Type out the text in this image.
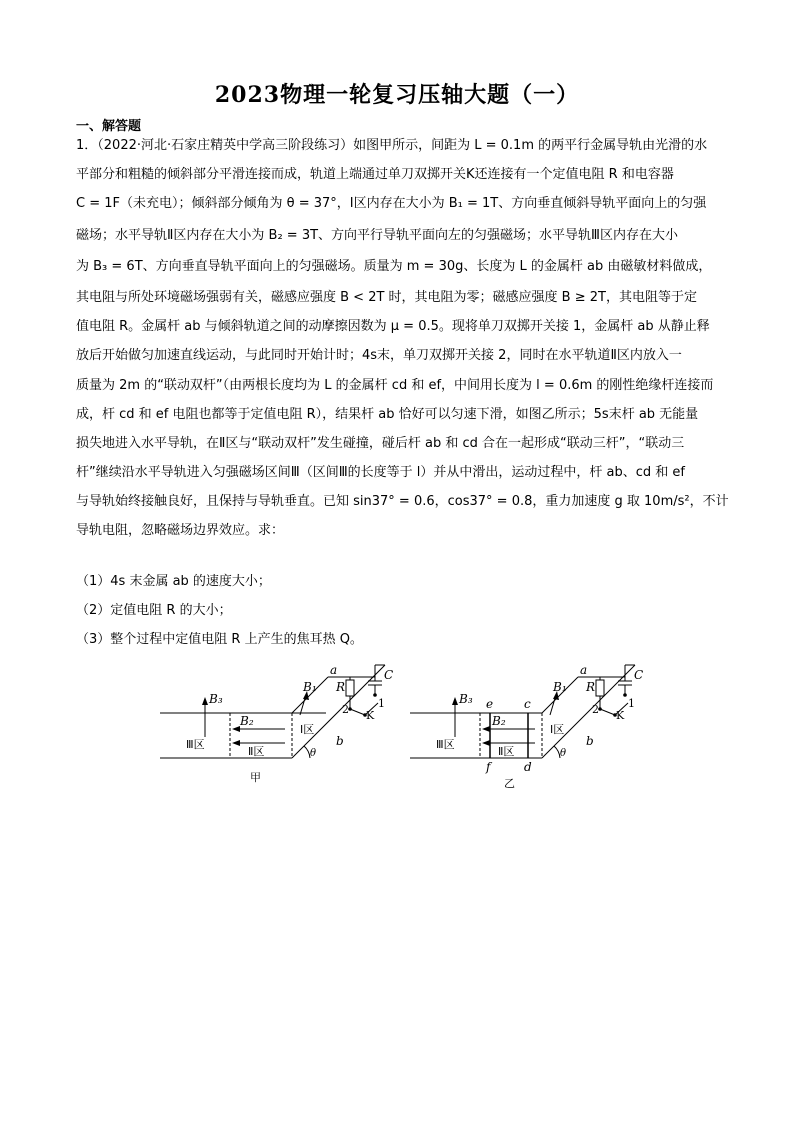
2023物理一轮复习压轴大题（一）
一、解答题
1．（2022·河北·石家庄精英中学高三阶段练习）如图甲所示，间距为 L = 0.1m 的两平行金属导轨由光滑的水
平部分和粗糙的倾斜部分平滑连接而成，轨道上端通过单刀双掷开关K还连接有一个定值电阻 R 和电容器
C = 1F（未充电）；倾斜部分倾角为 θ = 37°，Ⅰ区内存在大小为 B₁ = 1T、方向垂直倾斜导轨平面向上的匀强
磁场；水平导轨Ⅱ区内存在大小为 B₂ = 3T、方向平行导轨平面向左的匀强磁场；水平导轨Ⅲ区内存在大小
为 B₃ = 6T、方向垂直导轨平面向上的匀强磁场。质量为 m = 30g、长度为 L 的金属杆 ab 由磁敏材料做成，
其电阻与所处环境磁场强弱有关，磁感应强度 B < 2T 时，其电阻为零；磁感应强度 B ≥ 2T，其电阻等于定
值电阻 R。金属杆 ab 与倾斜轨道之间的动摩擦因数为 μ = 0.5。现将单刀双掷开关接 1，金属杆 ab 从静止释
放后开始做匀加速直线运动，与此同时开始计时；4s末，单刀双掷开关接 2，同时在水平轨道Ⅱ区内放入一
质量为 2m 的“联动双杆”（由两根长度均为 L 的金属杆 cd 和 ef，中间用长度为 l = 0.6m 的刚性绝缘杆连接而
成，杆 cd 和 ef 电阻也都等于定值电阻 R），结果杆 ab 恰好可以匀速下滑，如图乙所示；5s末杆 ab 无能量
损失地进入水平导轨，在Ⅱ区与“联动双杆”发生碰撞，碰后杆 ab 和 cd 合在一起形成“联动三杆”，“联动三
杆”继续沿水平导轨进入匀强磁场区间Ⅲ（区间Ⅲ的长度等于 l）并从中滑出，运动过程中，杆 ab、cd 和 ef
与导轨始终接触良好，且保持与导轨垂直。已知 sin37° = 0.6，cos37° = 0.8，重力加速度 g 取 10m/s²，不计
导轨电阻，忽略磁场边界效应。求：
（1）4s 末金属 ab 的速度大小；
（2）定值电阻 R 的大小；
（3）整个过程中定值电阻 R 上产生的焦耳热 Q。
B₃
B₂
B₁
Ⅲ区
Ⅱ区
Ⅰ区
a
b
R
C
1
2 K
θ
甲
B₃
B₂
B₁
Ⅲ区
Ⅱ区
Ⅰ区
a
b
c
d
e
f
R
C
1
2 K
θ
乙
